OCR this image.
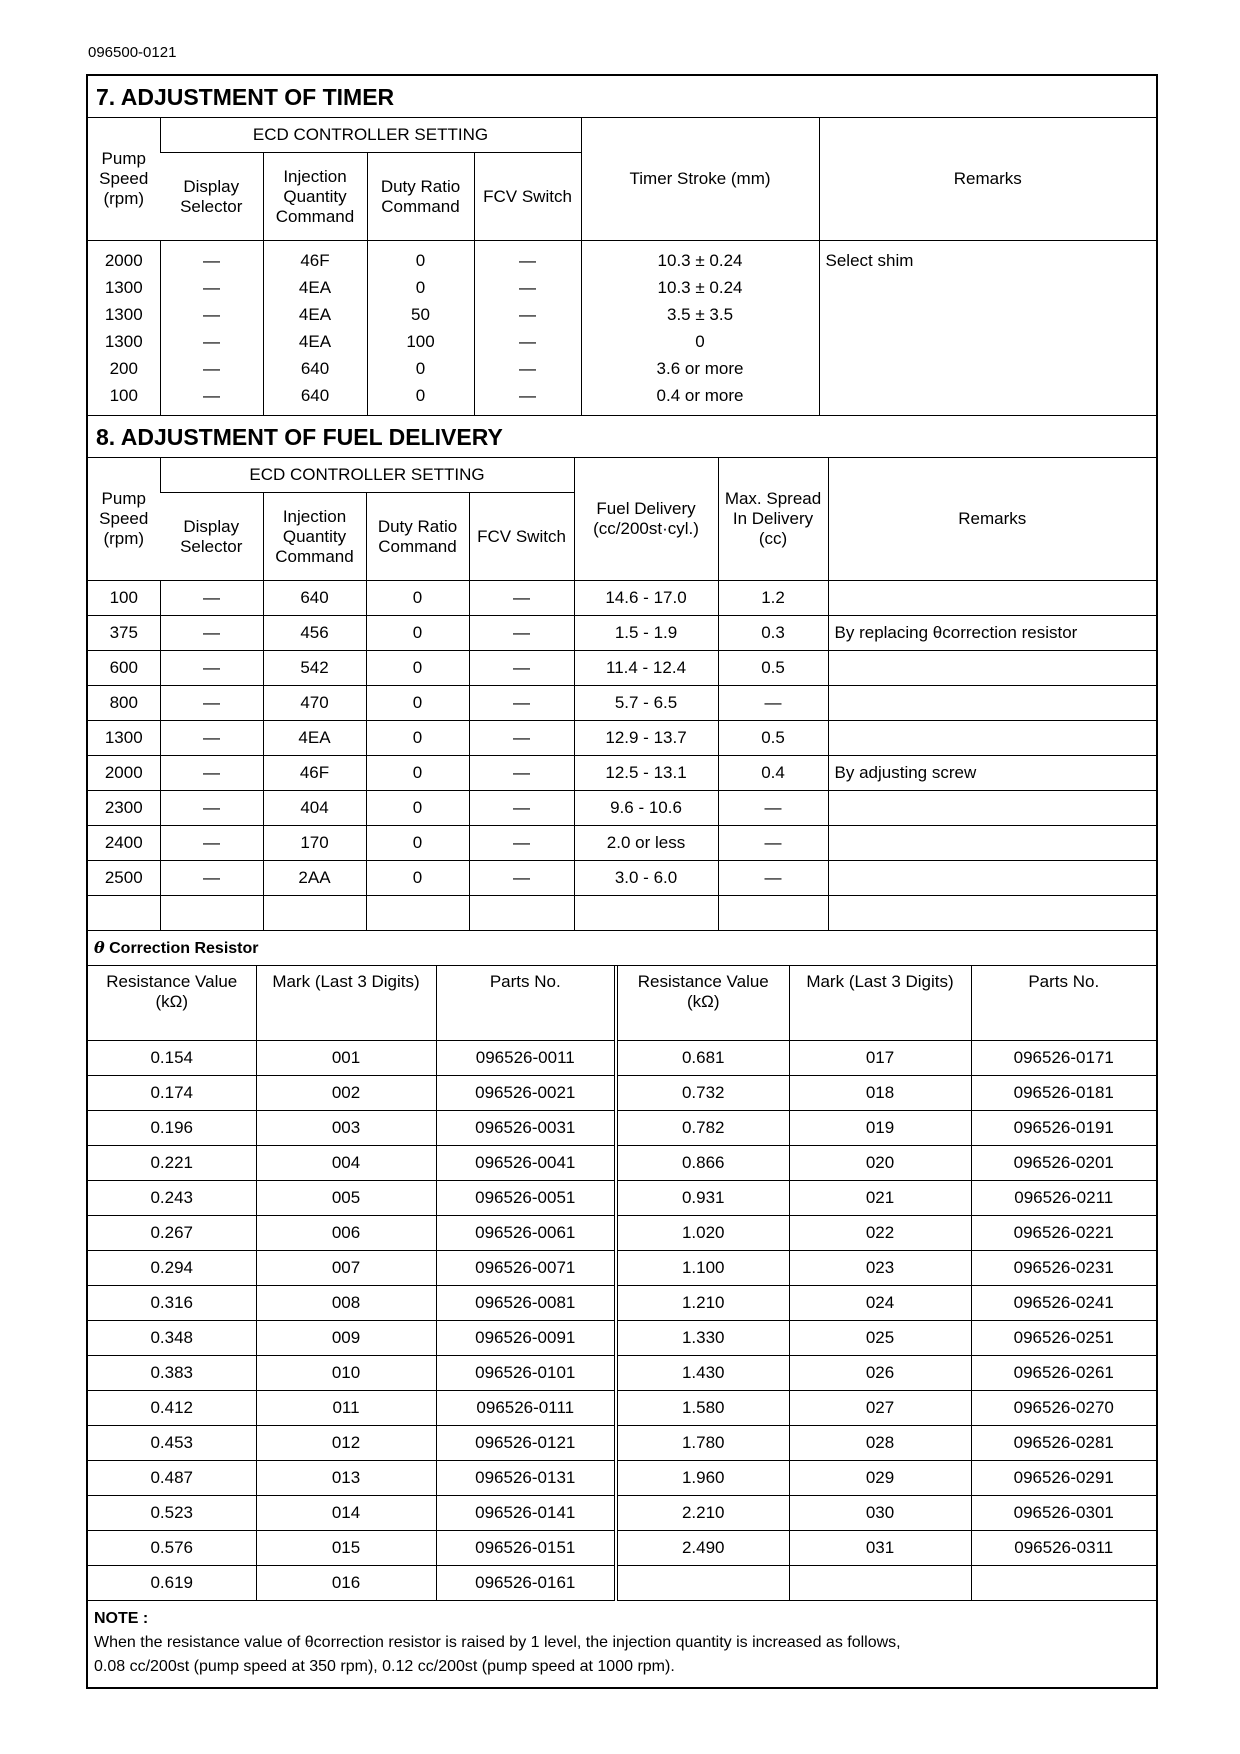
096500-0121
7. ADJUSTMENT OF TIMER
Pump Speed (rpm)	ECD CONTROLLER SETTING				Timer Stroke (mm)	Remarks
	Display Selector	Injection Quantity Command	Duty Ratio Command	FCV Switch		
2000	—	46F	0	—	10.3 ± 0.24	Select shim
1300	—	4EA	0	—	10.3 ± 0.24	
1300	—	4EA	50	—	3.5 ± 3.5	
1300	—	4EA	100	—	0	
200	—	640	0	—	3.6 or more	
100	—	640	0	—	0.4 or more	
8. ADJUSTMENT OF FUEL DELIVERY
Pump Speed (rpm)	ECD CONTROLLER SETTING				Fuel Delivery (cc/200st·cyl.)	Max. Spread In Delivery (cc)	Remarks
	Display Selector	Injection Quantity Command	Duty Ratio Command	FCV Switch			
100	—	640	0	—	14.6 - 17.0	1.2	
375	—	456	0	—	1.5 - 1.9	0.3	By replacing θcorrection resistor
600	—	542	0	—	11.4 - 12.4	0.5	
800	—	470	0	—	5.7 - 6.5	—	
1300	—	4EA	0	—	12.9 - 13.7	0.5	
2000	—	46F	0	—	12.5 - 13.1	0.4	By adjusting screw
2300	—	404	0	—	9.6 - 10.6	—	
2400	—	170	0	—	2.0 or less	—	
2500	—	2AA	0	—	3.0 - 6.0	—	

θ Correction Resistor
Resistance Value (kΩ)	Mark (Last 3 Digits)	Parts No.	Resistance Value (kΩ)	Mark (Last 3 Digits)	Parts No.
0.154	001	096526-0011	0.681	017	096526-0171
0.174	002	096526-0021	0.732	018	096526-0181
0.196	003	096526-0031	0.782	019	096526-0191
0.221	004	096526-0041	0.866	020	096526-0201
0.243	005	096526-0051	0.931	021	096526-0211
0.267	006	096526-0061	1.020	022	096526-0221
0.294	007	096526-0071	1.100	023	096526-0231
0.316	008	096526-0081	1.210	024	096526-0241
0.348	009	096526-0091	1.330	025	096526-0251
0.383	010	096526-0101	1.430	026	096526-0261
0.412	011	096526-0111	1.580	027	096526-0270
0.453	012	096526-0121	1.780	028	096526-0281
0.487	013	096526-0131	1.960	029	096526-0291
0.523	014	096526-0141	2.210	030	096526-0301
0.576	015	096526-0151	2.490	031	096526-0311
0.619	016	096526-0161			
NOTE :
When the resistance value of θcorrection resistor is raised by 1 level, the injection quantity is increased as follows,
0.08 cc/200st (pump speed at 350 rpm), 0.12 cc/200st (pump speed at 1000 rpm).
